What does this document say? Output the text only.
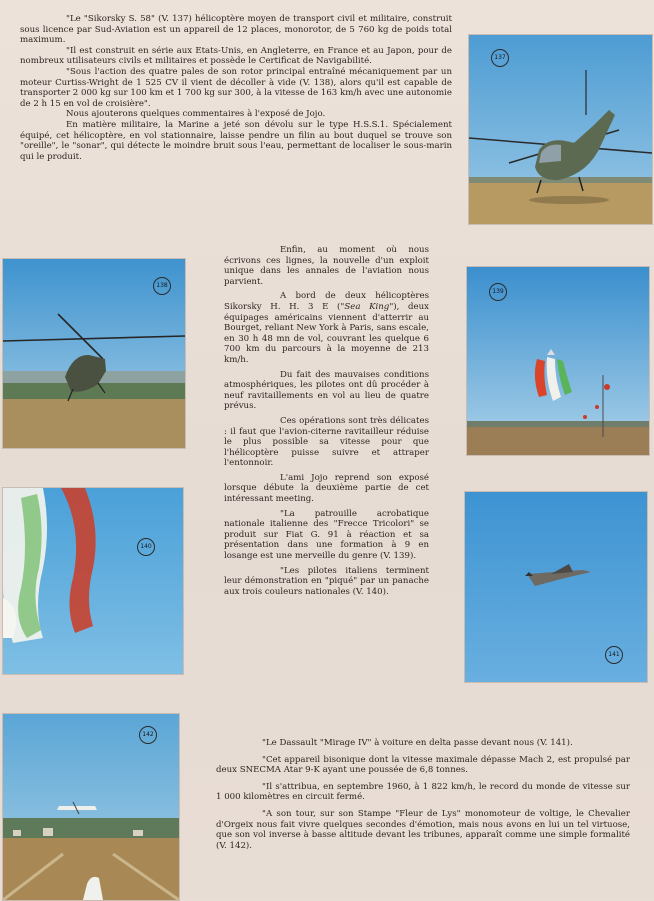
"Le "Sikorsky S. 58" (V. 137) hélicoptère moyen de transport civil et militaire, construit sous licence par Sud-Aviation est un appareil de 12 places, monorotor, de 5 760 kg de poids total maximum.

"Il est construit en série aux Etats-Unis, en Angleterre, en France et au Japon, pour de nombreux utilisateurs civils et militaires et possède le Certificat de Navigabilité.

"Sous l'action des quatre pales de son rotor principal entraîné mécaniquement par un moteur Curtiss-Wright de 1 525 CV il vient de décoller à vide (V. 138), alors qu'il est capable de transporter 2 000 kg sur 100 km et 1 700 kg sur 300, à la vitesse de 163 km/h avec une autonomie de 2 h 15 en vol de croisière".

Nous ajouterons quelques commentaires à l'exposé de Jojo.

En matière militaire, la Marine a jeté son dévolu sur le type H.S.S.1. Spécialement équipé, cet hélicoptère, en vol stationnaire, laisse pendre un filin au bout duquel se trouve son "oreille", le "sonar", qui détecte le moindre bruit sous l'eau, permettant de localiser le sous-marin qui le produit.

137
138

Enfin, au moment où nous écrivons ces lignes, la nouvelle d'un exploit unique dans les annales de l'aviation nous parvient.

A bord de deux hélicoptères Sikorsky H. H. 3 E ("Sea King"), deux équipages américains viennent d'atterrir au Bourget, reliant New York à Paris, sans escale, en 30 h 48 mn de vol, couvrant les quelque 6 700 km du parcours à la moyenne de 213 km/h.

Du fait des mauvaises conditions atmosphériques, les pilotes ont dû procéder à neuf ravitaillements en vol au lieu de quatre prévus.

Ces opérations sont très délicates : il faut que l'avion-citerne ravitailleur réduise le plus possible sa vitesse pour que l'hélicoptère puisse suivre et attraper l'entonnoir.

L'ami Jojo reprend son exposé lorsque débute la deuxième partie de cet intéressant meeting.

"La patrouille acrobatique nationale italienne des "Frecce Tricolori" se produit sur Fiat G. 91 à réaction et sa présentation dans une formation à 9 en losange est une merveille du genre (V. 139).

"Les pilotes italiens terminent leur démonstration en "piqué" par un panache aux trois couleurs nationales (V. 140).

139
140
141
142

"Le Dassault "Mirage IV" à voiture en delta passe devant nous (V. 141).

"Cet appareil bisonique dont la vitesse maximale dépasse Mach 2, est propulsé par deux SNECMA Atar 9-K ayant une poussée de 6,8 tonnes.

"Il s'attribua, en septembre 1960, à 1 822 km/h, le record du monde de vitesse sur 1 000 kilomètres en circuit fermé.

"A son tour, sur son Stampe "Fleur de Lys" monomoteur de voltige, le Chevalier d'Orgeix nous fait vivre quelques secondes d'émotion, mais nous avons en lui un tel virtuose, que son vol inverse à basse altitude devant les tribunes, apparaît comme une simple formalité (V. 142).
